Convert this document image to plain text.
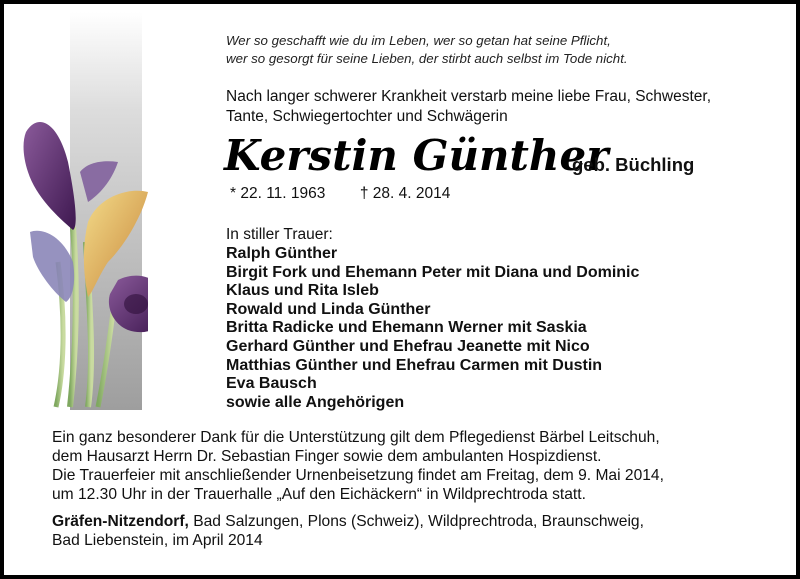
Wer so geschafft wie du im Leben, wer so getan hat seine Pflicht,
wer so gesorgt für seine Lieben, der stirbt auch selbst im Tode nicht.

Nach langer schwerer Krankheit verstarb meine liebe Frau, Schwester,
Tante, Schwiegertochter und Schwägerin

Kerstin Günther

geb. Büchling

* 22. 11. 1963        † 28. 4. 2014

In stiller Trauer:

Ralph Günther
Birgit Fork und Ehemann Peter mit Diana und Dominic
Klaus und Rita Isleb
Rowald und Linda Günther
Britta Radicke und Ehemann Werner mit Saskia
Gerhard Günther und Ehefrau Jeanette mit Nico
Matthias Günther und Ehefrau Carmen mit Dustin
Eva Bausch
sowie alle Angehörigen

Ein ganz besonderer Dank für die Unterstützung gilt dem Pflegedienst Bärbel Leitschuh,
dem Hausarzt Herrn Dr. Sebastian Finger sowie dem ambulanten Hospizdienst.
Die Trauerfeier mit anschließender Urnenbeisetzung findet am Freitag, dem 9. Mai 2014,
um 12.30 Uhr in der Trauerhalle „Auf den Eichäckern“ in Wildprechtroda statt.

Gräfen-Nitzendorf, Bad Salzungen, Plons (Schweiz), Wildprechtroda, Braunschweig,
Bad Liebenstein, im April 2014
